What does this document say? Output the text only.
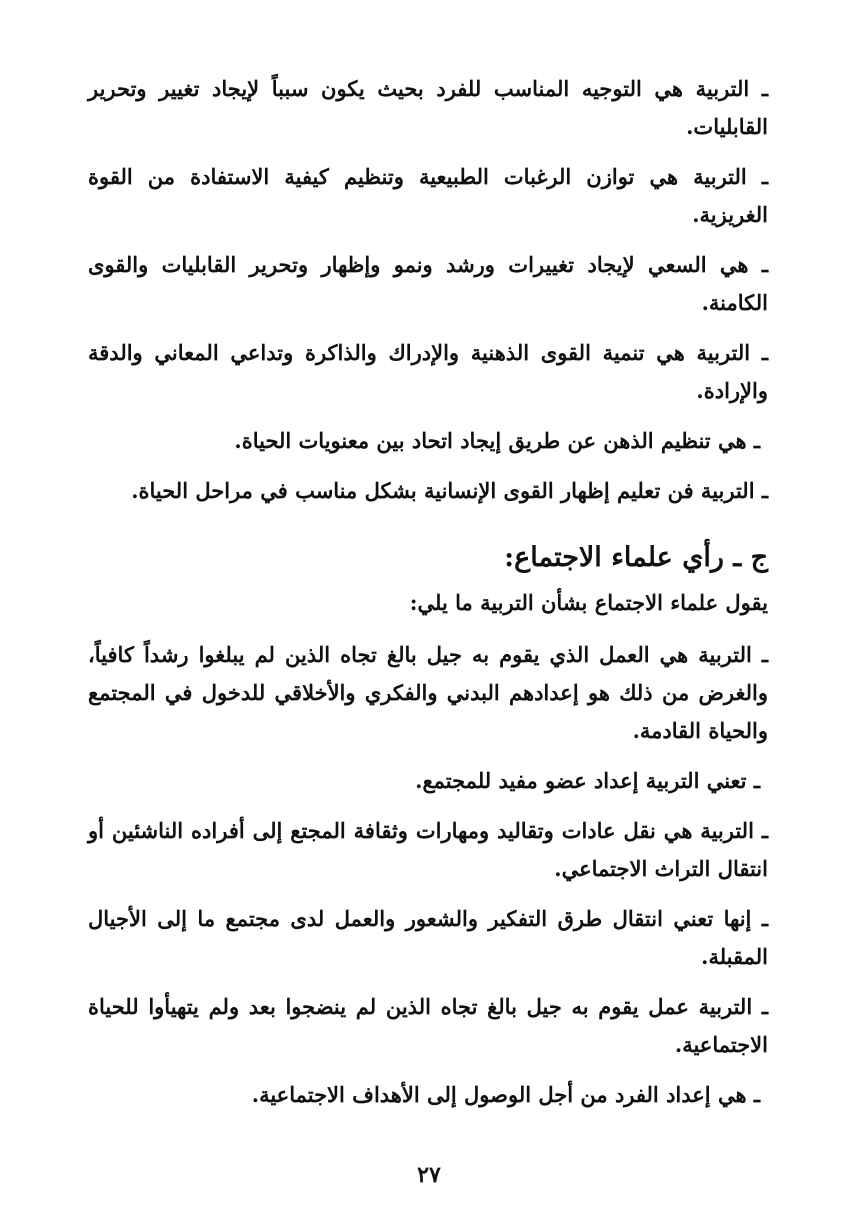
ـ التربية هي التوجيه المناسب للفرد بحيث يكون سبباً لإيجاد تغيير وتحرير القابليات.

ـ التربية هي توازن الرغبات الطبيعية وتنظيم كيفية الاستفادة من القوة الغريزية.

ـ هي السعي لإيجاد تغييرات ورشد ونمو وإظهار وتحرير القابليات والقوى الكامنة.

ـ التربية هي تنمية القوى الذهنية والإدراك والذاكرة وتداعي المعاني والدقة والإرادة.

ـ هي تنظيم الذهن عن طريق إيجاد اتحاد بين معنويات الحياة.

ـ التربية فن تعليم إظهار القوى الإنسانية بشكل مناسب في مراحل الحياة.

ج ـ رأي علماء الاجتماع:

يقول علماء الاجتماع بشأن التربية ما يلي:

ـ التربية هي العمل الذي يقوم به جيل بالغ تجاه الذين لم يبلغوا رشداً كافياً، والغرض من ذلك هو إعدادهم البدني والفكري والأخلاقي للدخول في المجتمع والحياة القادمة.

ـ تعني التربية إعداد عضو مفيد للمجتمع.

ـ التربية هي نقل عادات وتقاليد ومهارات وثقافة المجتع إلى أفراده الناشئين أو انتقال التراث الاجتماعي.

ـ إنها تعني انتقال طرق التفكير والشعور والعمل لدى مجتمع ما إلى الأجيال المقبلة.

ـ التربية عمل يقوم به جيل بالغ تجاه الذين لم ينضجوا بعد ولم يتهيأوا للحياة الاجتماعية.

ـ هي إعداد الفرد من أجل الوصول إلى الأهداف الاجتماعية.

٢٧
